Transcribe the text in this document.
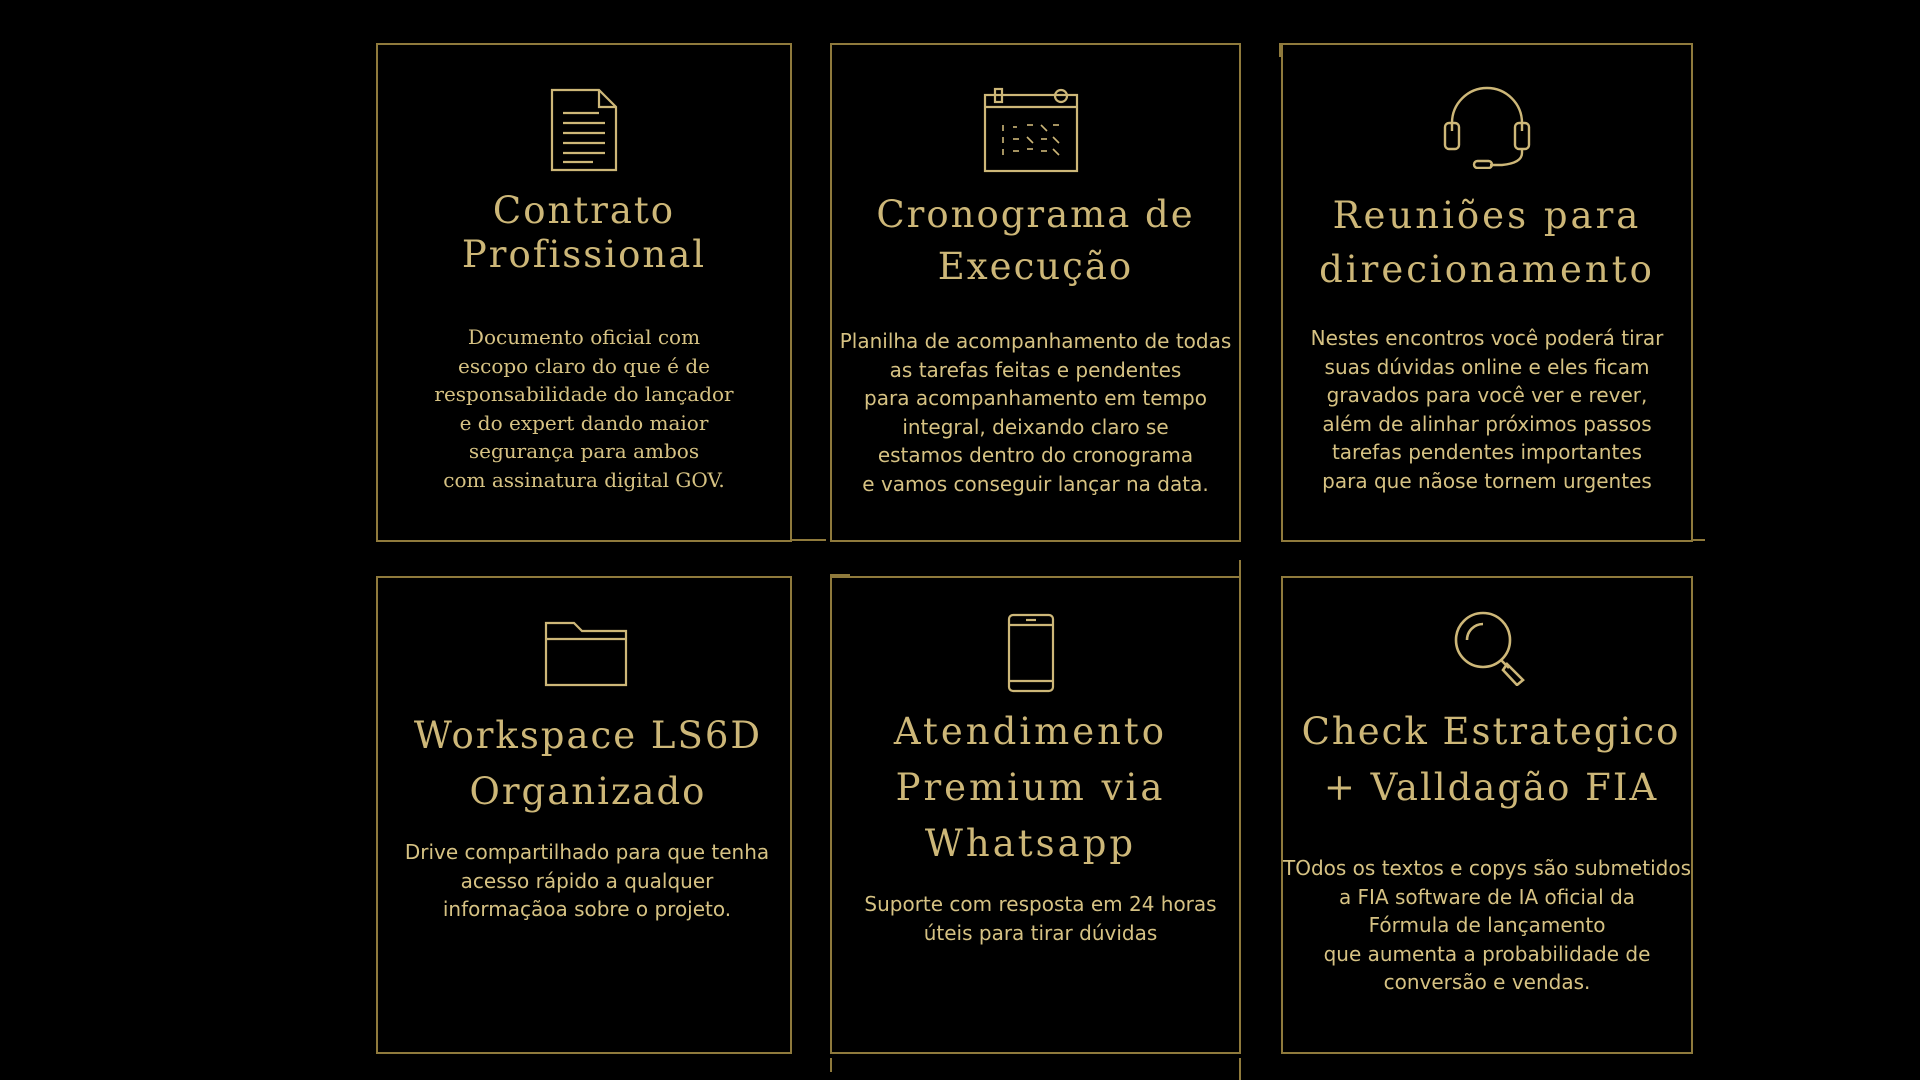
Contrato
Profissional
Documento oficial com
escopo claro do que é de
responsabilidade do lançador
e do expert dando maior
segurança para ambos
com assinatura digital GOV.
Cronograma de
Execução
Planilha de acompanhamento de todas
as tarefas feitas e pendentes
para acompanhamento em tempo
integral, deixando claro se
estamos dentro do cronograma
e vamos conseguir lançar na data.
Reuniões para
direcionamento
Nestes encontros você poderá tirar
suas dúvidas online e eles ficam
gravados para você ver e rever,
além de alinhar próximos passos
tarefas pendentes importantes
para que nãose tornem urgentes
Workspace LS6D
Organizado
Drive compartilhado para que tenha
acesso rápido a qualquer
informaçãoa sobre o projeto.
Atendimento
Premium via
Whatsapp
Suporte com resposta em 24 horas
úteis para tirar dúvidas
Check Estrategico
+ Valldagão FIA
TOdos os textos e copys são submetidos
a FIA software de IA oficial da
Fórmula de lançamento
que aumenta a probabilidade de
conversão e vendas.
